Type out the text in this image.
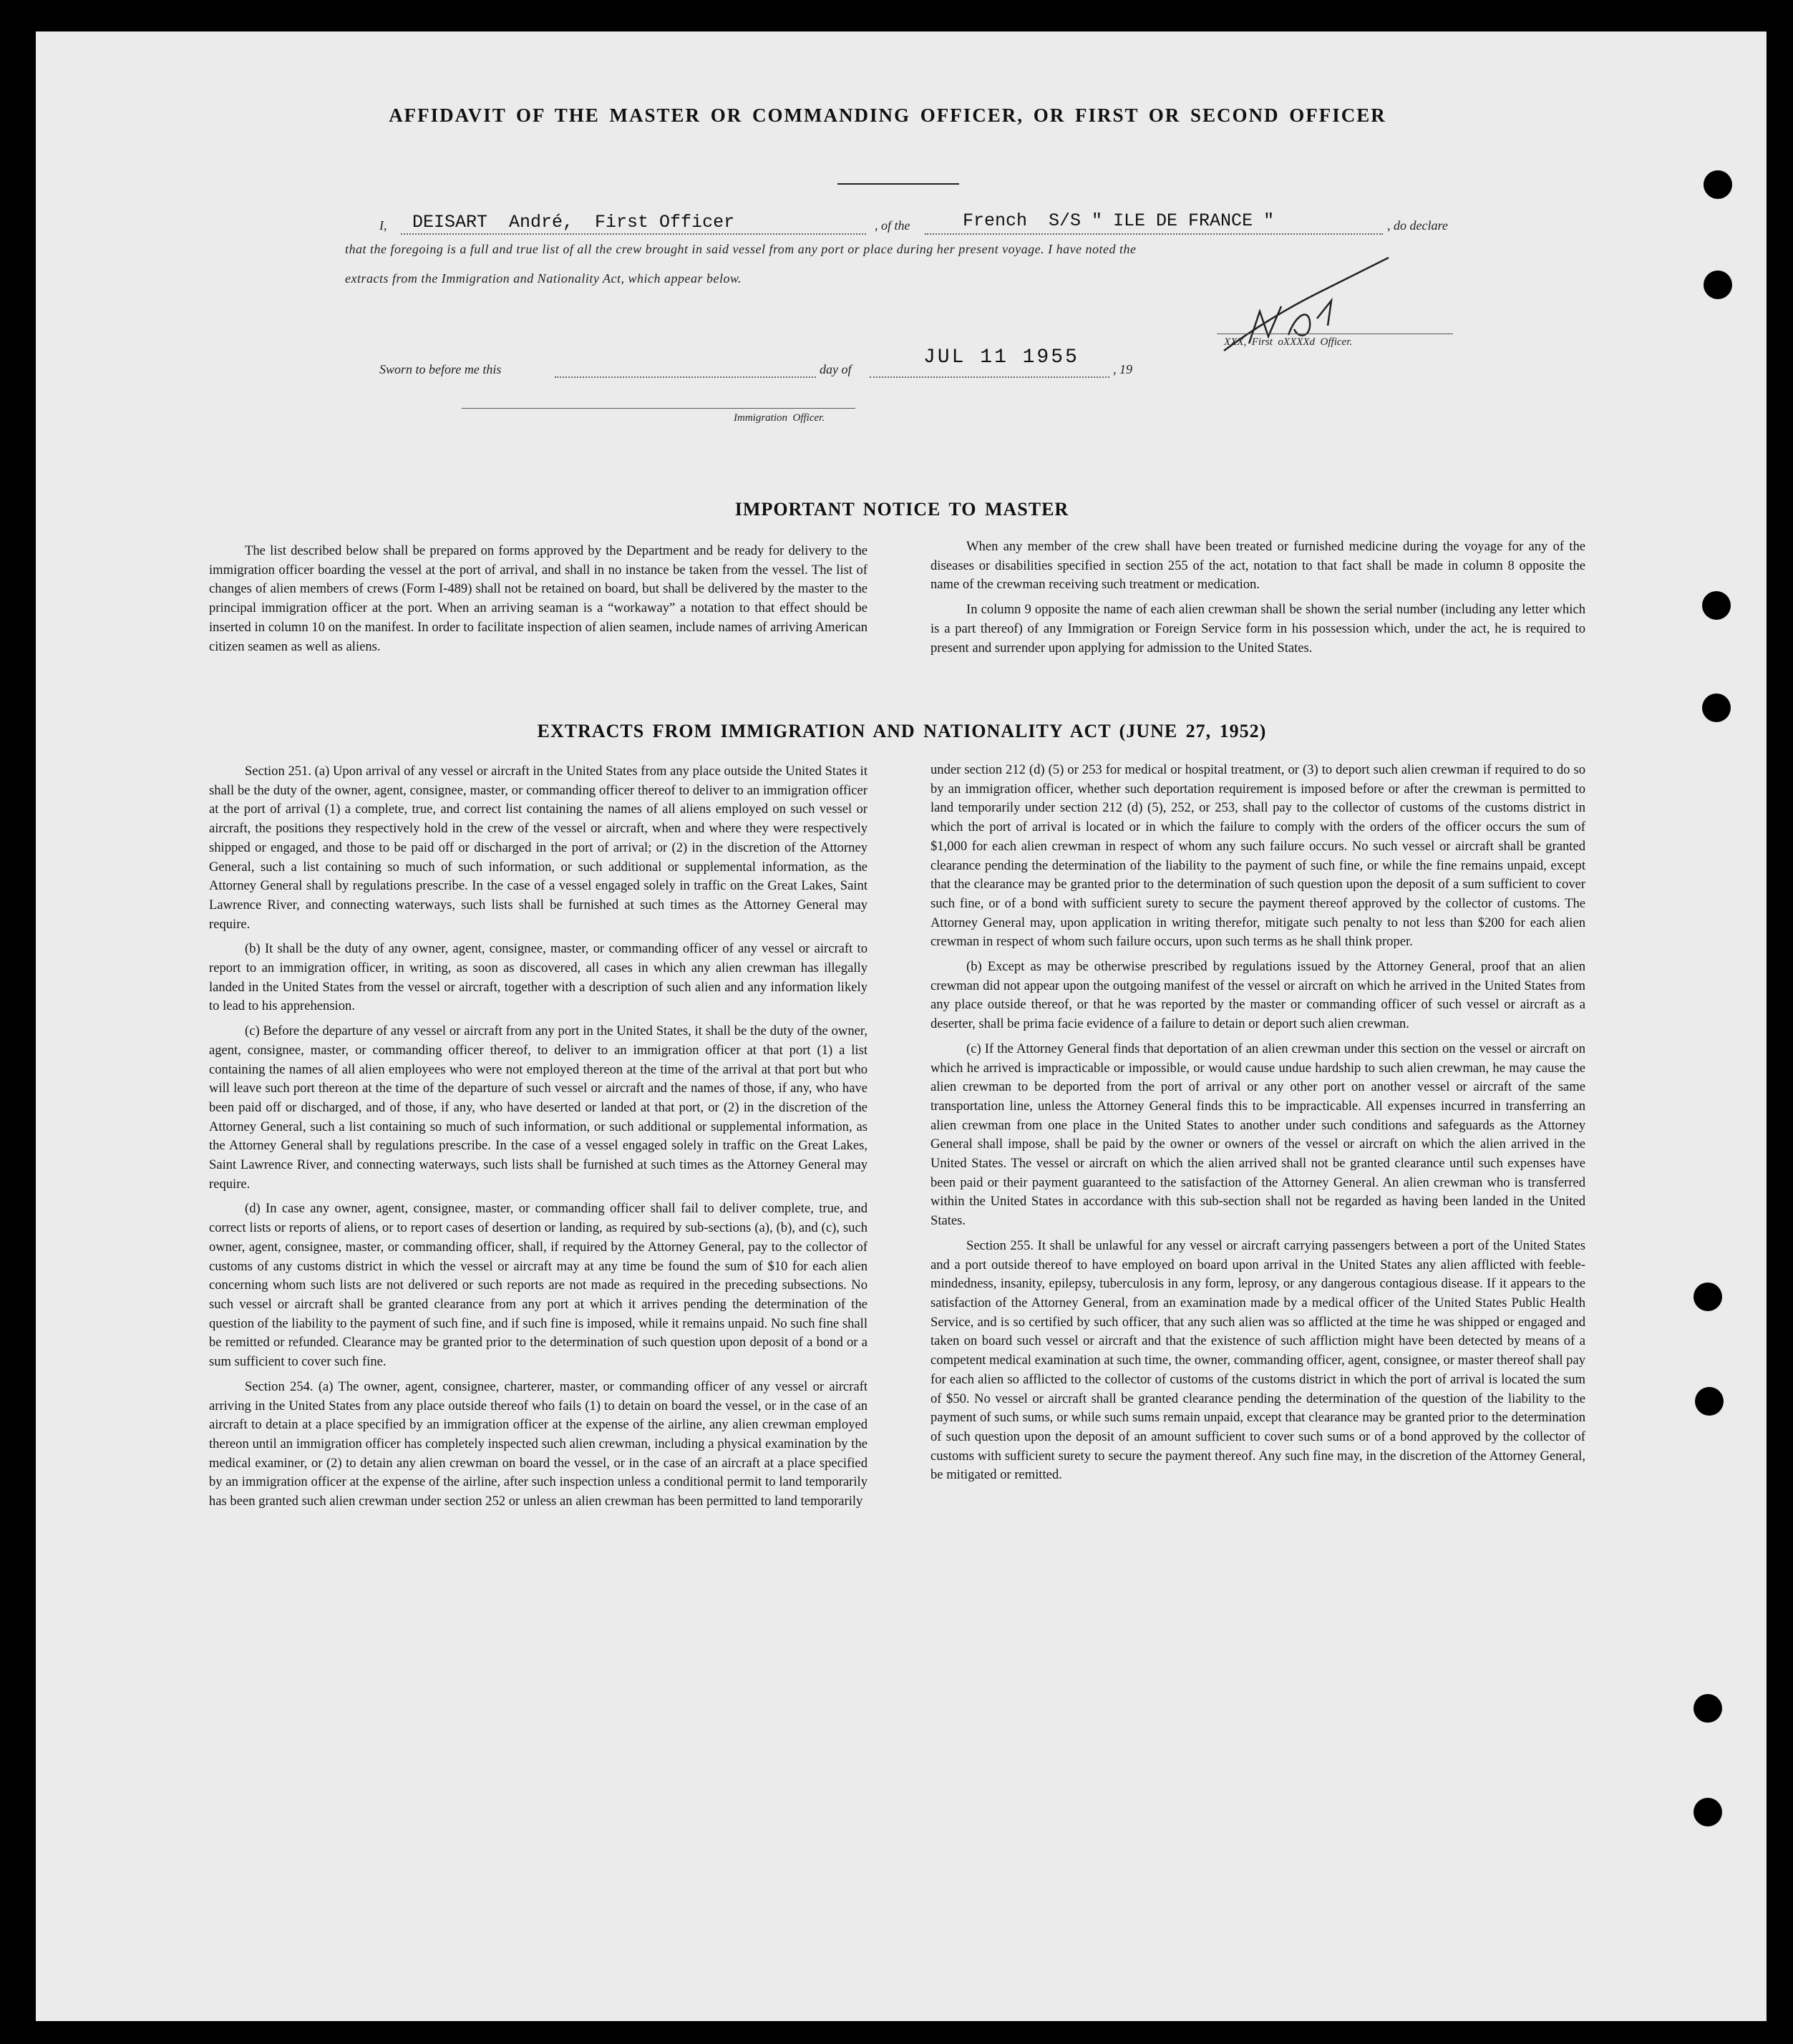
AFFIDAVIT OF THE MASTER OR COMMANDING OFFICER, OR FIRST OR SECOND OFFICER
I, DEISART  André,  First Officer	, of the	French  S/S " ILE DE FRANCE "	, do declare
that the foregoing is a full and true list of all the crew brought in said vessel from any port or place during her present voyage. I have noted the
extracts from the Immigration and Nationality Act, which appear below.
XXX,  First  oXXXXd  Officer.
Sworn to before me this	day of
JUL 11 1955
, 19
Immigration  Officer.
IMPORTANT NOTICE TO MASTER

The list described below shall be prepared on forms approved by the Department and be ready for delivery to the immigration officer boarding the vessel at the port of arrival, and shall in no instance be taken from the vessel. The list of changes of alien members of crews (Form I-489) shall not be retained on board, but shall be delivered by the master to the principal immigration officer at the port. When an arriving seaman is a “workaway” a notation to that effect should be inserted in column 10 on the manifest. In order to facilitate inspection of alien seamen, include names of arriving American citizen seamen as well as aliens.

When any member of the crew shall have been treated or furnished medicine during the voyage for any of the diseases or disabilities specified in section 255 of the act, notation to that fact shall be made in column 8 opposite the name of the crewman receiving such treatment or medication.

In column 9 opposite the name of each alien crewman shall be shown the serial number (including any letter which is a part thereof) of any Immigration or Foreign Service form in his possession which, under the act, he is required to present and surrender upon applying for admission to the United States.

EXTRACTS FROM IMMIGRATION AND NATIONALITY ACT (JUNE 27, 1952)

Section 251. (a) Upon arrival of any vessel or aircraft in the United States from any place outside the United States it shall be the duty of the owner, agent, consignee, master, or commanding officer thereof to deliver to an immigration officer at the port of arrival (1) a complete, true, and correct list containing the names of all aliens employed on such vessel or aircraft, the positions they respectively hold in the crew of the vessel or aircraft, when and where they were respectively shipped or engaged, and those to be paid off or discharged in the port of arrival; or (2) in the discretion of the Attorney General, such a list containing so much of such information, or such additional or supplemental information, as the Attorney General shall by regulations prescribe. In the case of a vessel engaged solely in traffic on the Great Lakes, Saint Lawrence River, and connecting waterways, such lists shall be furnished at such times as the Attorney General may require.

(b) It shall be the duty of any owner, agent, consignee, master, or commanding officer of any vessel or aircraft to report to an immigration officer, in writing, as soon as discovered, all cases in which any alien crewman has illegally landed in the United States from the vessel or aircraft, together with a description of such alien and any information likely to lead to his apprehension.

(c) Before the departure of any vessel or aircraft from any port in the United States, it shall be the duty of the owner, agent, consignee, master, or commanding officer thereof, to deliver to an immigration officer at that port (1) a list containing the names of all alien employees who were not employed thereon at the time of the arrival at that port but who will leave such port thereon at the time of the departure of such vessel or aircraft and the names of those, if any, who have been paid off or discharged, and of those, if any, who have deserted or landed at that port, or (2) in the discretion of the Attorney General, such a list containing so much of such information, or such additional or supplemental information, as the Attorney General shall by regulations prescribe. In the case of a vessel engaged solely in traffic on the Great Lakes, Saint Lawrence River, and connecting waterways, such lists shall be furnished at such times as the Attorney General may require.

(d) In case any owner, agent, consignee, master, or commanding officer shall fail to deliver complete, true, and correct lists or reports of aliens, or to report cases of desertion or landing, as required by sub-sections (a), (b), and (c), such owner, agent, consignee, master, or commanding officer, shall, if required by the Attorney General, pay to the collector of customs of any customs district in which the vessel or aircraft may at any time be found the sum of $10 for each alien concerning whom such lists are not delivered or such reports are not made as required in the preceding subsections. No such vessel or aircraft shall be granted clearance from any port at which it arrives pending the determination of the question of the liability to the payment of such fine, and if such fine is imposed, while it remains unpaid. No such fine shall be remitted or refunded. Clearance may be granted prior to the determination of such question upon deposit of a bond or a sum sufficient to cover such fine.

Section 254. (a) The owner, agent, consignee, charterer, master, or commanding officer of any vessel or aircraft arriving in the United States from any place outside thereof who fails (1) to detain on board the vessel, or in the case of an aircraft to detain at a place specified by an immigration officer at the expense of the airline, any alien crewman employed thereon until an immigration officer has completely inspected such alien crewman, including a physical examination by the medical examiner, or (2) to detain any alien crewman on board the vessel, or in the case of an aircraft at a place specified by an immigration officer at the expense of the airline, after such inspection unless a conditional permit to land temporarily has been granted such alien crewman under section 252 or unless an alien crewman has been permitted to land temporarily

under section 212 (d) (5) or 253 for medical or hospital treatment, or (3) to deport such alien crewman if required to do so by an immigration officer, whether such deportation requirement is imposed before or after the crewman is permitted to land temporarily under section 212 (d) (5), 252, or 253, shall pay to the collector of customs of the customs district in which the port of arrival is located or in which the failure to comply with the orders of the officer occurs the sum of $1,000 for each alien crewman in respect of whom any such failure occurs. No such vessel or aircraft shall be granted clearance pending the determination of the liability to the payment of such fine, or while the fine remains unpaid, except that the clearance may be granted prior to the determination of such question upon the deposit of a sum sufficient to cover such fine, or of a bond with sufficient surety to secure the payment thereof approved by the collector of customs. The Attorney General may, upon application in writing therefor, mitigate such penalty to not less than $200 for each alien crewman in respect of whom such failure occurs, upon such terms as he shall think proper.

(b) Except as may be otherwise prescribed by regulations issued by the Attorney General, proof that an alien crewman did not appear upon the outgoing manifest of the vessel or aircraft on which he arrived in the United States from any place outside thereof, or that he was reported by the master or commanding officer of such vessel or aircraft as a deserter, shall be prima facie evidence of a failure to detain or deport such alien crewman.

(c) If the Attorney General finds that deportation of an alien crewman under this section on the vessel or aircraft on which he arrived is impracticable or impossible, or would cause undue hardship to such alien crewman, he may cause the alien crewman to be deported from the port of arrival or any other port on another vessel or aircraft of the same transportation line, unless the Attorney General finds this to be impracticable. All expenses incurred in transferring an alien crewman from one place in the United States to another under such conditions and safeguards as the Attorney General shall impose, shall be paid by the owner or owners of the vessel or aircraft on which the alien arrived in the United States. The vessel or aircraft on which the alien arrived shall not be granted clearance until such expenses have been paid or their payment guaranteed to the satisfaction of the Attorney General. An alien crewman who is transferred within the United States in accordance with this sub-section shall not be regarded as having been landed in the United States.

Section 255. It shall be unlawful for any vessel or aircraft carrying passengers between a port of the United States and a port outside thereof to have employed on board upon arrival in the United States any alien afflicted with feeble-mindedness, insanity, epilepsy, tuberculosis in any form, leprosy, or any dangerous contagious disease. If it appears to the satisfaction of the Attorney General, from an examination made by a medical officer of the United States Public Health Service, and is so certified by such officer, that any such alien was so afflicted at the time he was shipped or engaged and taken on board such vessel or aircraft and that the existence of such affliction might have been detected by means of a competent medical examination at such time, the owner, commanding officer, agent, consignee, or master thereof shall pay for each alien so afflicted to the collector of customs of the customs district in which the port of arrival is located the sum of $50. No vessel or aircraft shall be granted clearance pending the determination of the question of the liability to the payment of such sums, or while such sums remain unpaid, except that clearance may be granted prior to the determination of such question upon the deposit of an amount sufficient to cover such sums or of a bond approved by the collector of customs with sufficient surety to secure the payment thereof. Any such fine may, in the discretion of the Attorney General, be mitigated or remitted.
